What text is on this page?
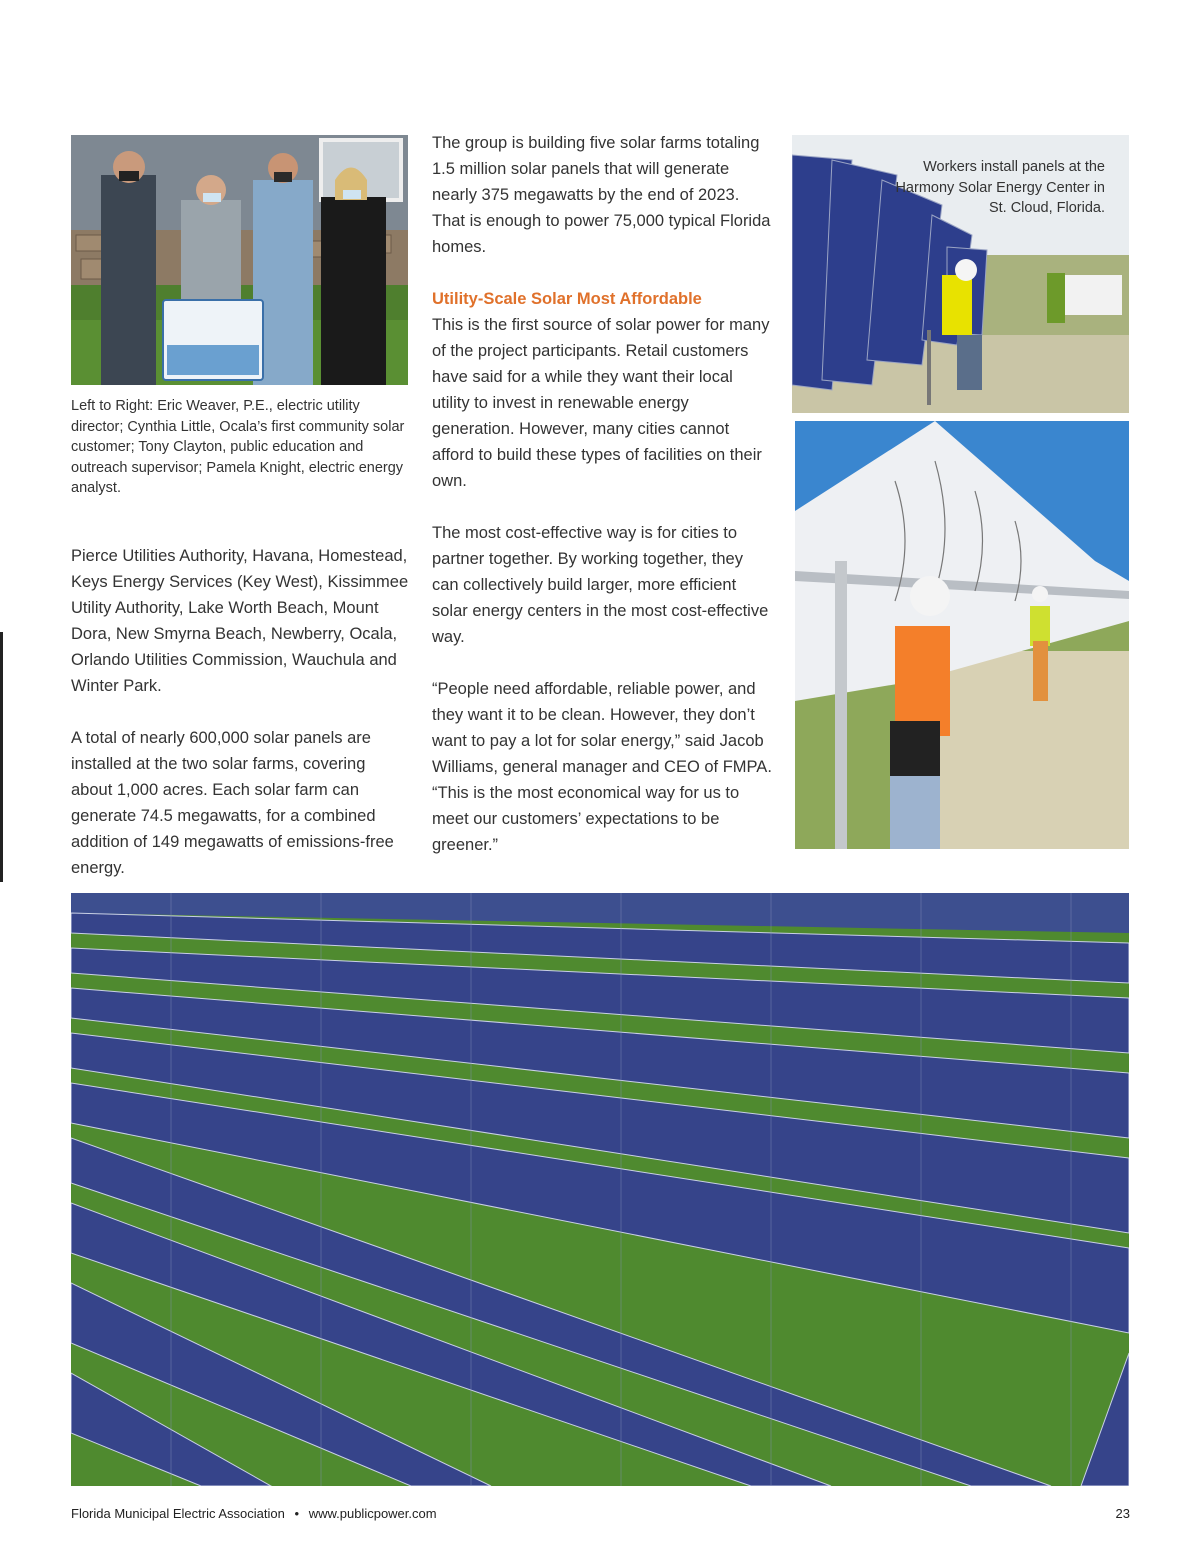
Left to Right: Eric Weaver, P.E., electric utility director; Cynthia Little, Ocala’s first community solar customer; Tony Clayton, public education and outreach supervisor; Pamela Knight, electric energy analyst.

Pierce Utilities Authority, Havana, Homestead, Keys Energy Services (Key West), Kissimmee Utility Authority, Lake Worth Beach, Mount Dora, New Smyrna Beach, Newberry, Ocala, Orlando Utilities Commission, Wauchula and Winter Park.

A total of nearly 600,000 solar panels are installed at the two solar farms, covering about 1,000 acres. Each solar farm can generate 74.5 megawatts, for a combined addition of 149 megawatts of emissions-free energy.

The group is building five solar farms totaling 1.5 million solar panels that will generate nearly 375 megawatts by the end of 2023. That is enough to power 75,000 typical Florida homes.

Utility-Scale Solar Most Affordable

This is the first source of solar power for many of the project participants. Retail customers have said for a while they want their local utility to invest in renewable energy generation. However, many cities cannot afford to build these types of facilities on their own.

The most cost-effective way is for cities to partner together. By working together, they can collectively build larger, more efficient solar energy centers in the most cost-effective way.

“People need affordable, reliable power, and they want it to be clean. However, they don’t want to pay a lot for solar energy,” said Jacob Williams, general manager and CEO of FMPA. “This is the most economical way for us to meet our customers’ expectations to be greener.”

Workers install panels at the Harmony Solar Energy Center in St. Cloud, Florida.
Florida Municipal Electric Association • www.publicpower.com	23
